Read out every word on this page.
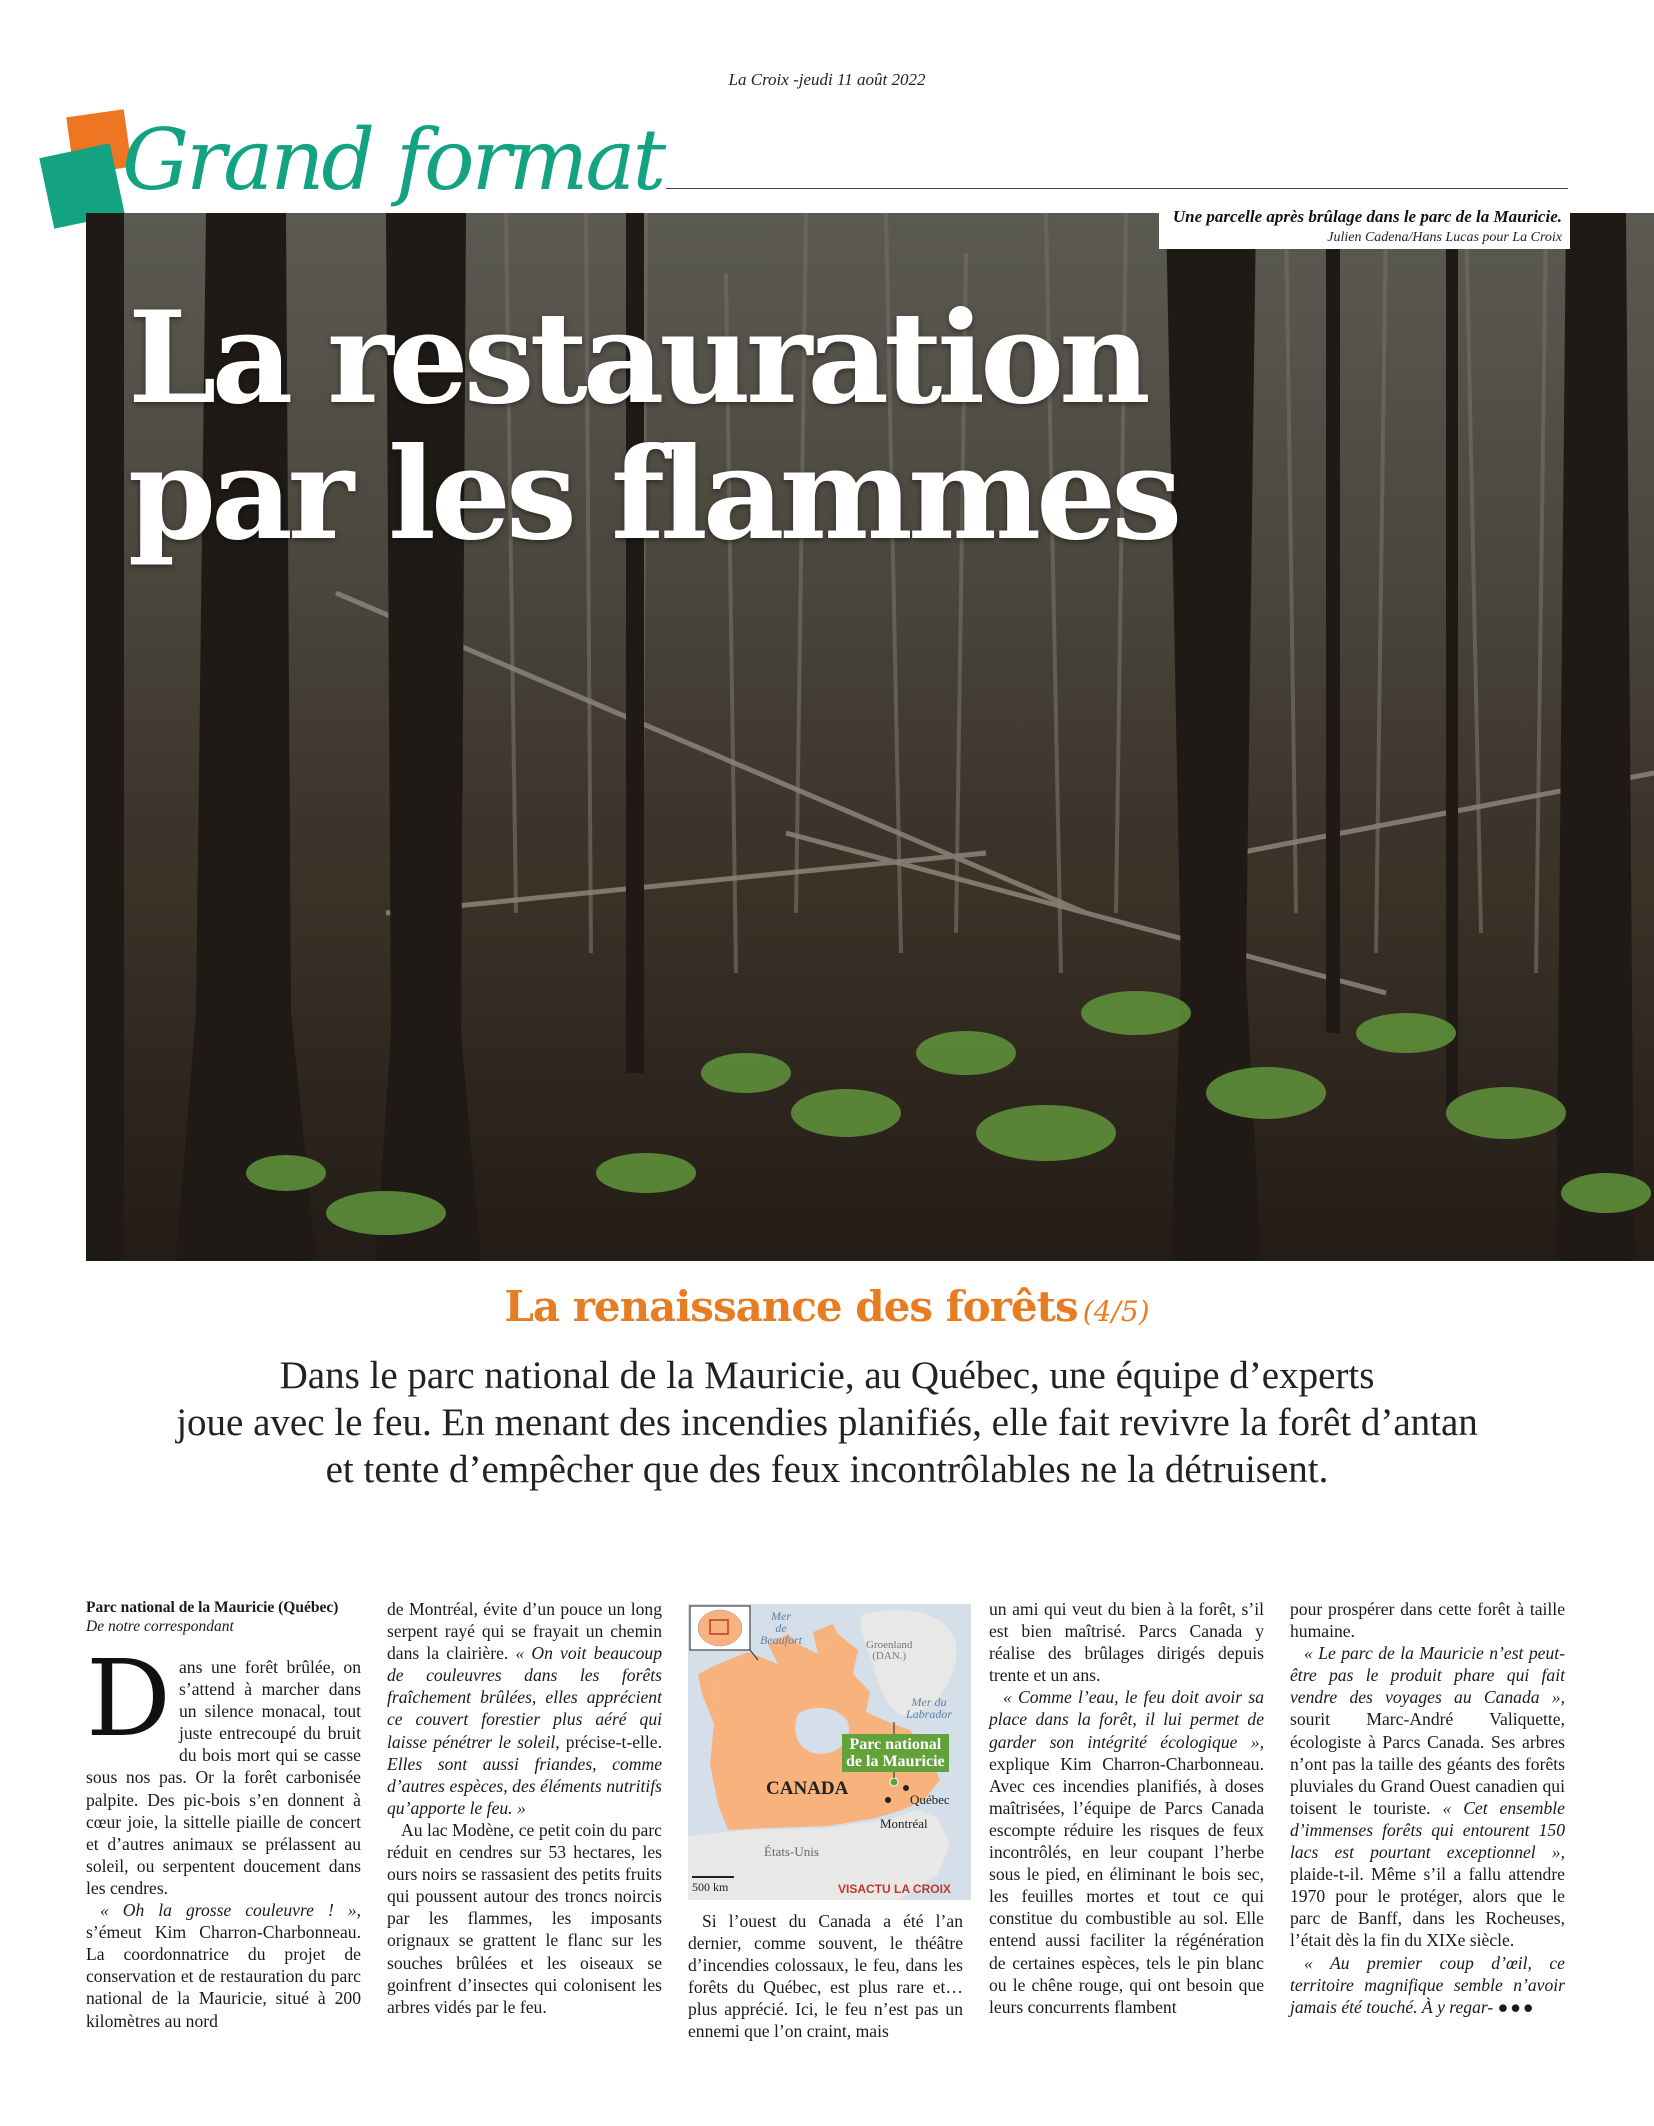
La Croix -jeudi 11 août 2022
Grand format
Une parcelle après brûlage dans le parc de la Mauricie.
Julien Cadena/Hans Lucas pour La Croix
La restauration
par les flammes
La renaissance des forêts (4/5)
Dans le parc national de la Mauricie, au Québec, une équipe d’experts
joue avec le feu. En menant des incendies planifiés, elle fait revivre la forêt d’antan
et tente d’empêcher que des feux incontrôlables ne la détruisent.
Parc national de la Mauricie (Québec)
De notre correspondant

Dans une forêt brûlée, on s’attend à marcher dans un silence monacal, tout juste entrecoupé du bruit du bois mort qui se casse sous nos pas. Or la forêt carbonisée palpite. Des pic-bois s’en donnent à cœur joie, la sittelle piaille de concert et d’autres animaux se prélassent au soleil, ou serpentent doucement dans les cendres.

« Oh la grosse couleuvre ! », s’émeut Kim Charron-Charbonneau. La coordonnatrice du projet de conservation et de restauration du parc national de la Mauricie, situé à 200 kilomètres au nord

de Montréal, évite d’un pouce un long serpent rayé qui se frayait un chemin dans la clairière. « On voit beaucoup de couleuvres dans les forêts fraîchement brûlées, elles apprécient ce couvert forestier plus aéré qui laisse pénétrer le soleil, précise-t-elle. Elles sont aussi friandes, comme d’autres espèces, des éléments nutritifs qu’apporte le feu. »

Au lac Modène, ce petit coin du parc réduit en cendres sur 53 hectares, les ours noirs se rassasient des petits fruits qui poussent autour des troncs noircis par les flammes, les imposants orignaux se grattent le flanc sur les souches brûlées et les oiseaux se goinfrent d’insectes qui colonisent les arbres vidés par le feu.

Mer
de
Beaufort	Groenland
(DAN.)
Mer du
Labrador
Parc national
de la Mauricie
CANADA
Québec
Montréal
États-Unis
500 km	VISACTU LA CROIX

Si l’ouest du Canada a été l’an dernier, comme souvent, le théâtre d’incendies colossaux, le feu, dans les forêts du Québec, est plus rare et… plus apprécié. Ici, le feu n’est pas un ennemi que l’on craint, mais

un ami qui veut du bien à la forêt, s’il est bien maîtrisé. Parcs Canada y réalise des brûlages dirigés depuis trente et un ans.

« Comme l’eau, le feu doit avoir sa place dans la forêt, il lui permet de garder son intégrité écologique », explique Kim Charron-Charbonneau. Avec ces incendies planifiés, à doses maîtrisées, l’équipe de Parcs Canada escompte réduire les risques de feux incontrôlés, en leur coupant l’herbe sous le pied, en éliminant le bois sec, les feuilles mortes et tout ce qui constitue du combustible au sol. Elle entend aussi faciliter la régénération de certaines espèces, tels le pin blanc ou le chêne rouge, qui ont besoin que leurs concurrents flambent

pour prospérer dans cette forêt à taille humaine.

« Le parc de la Mauricie n’est peut-être pas le produit phare qui fait vendre des voyages au Canada », sourit Marc-André Valiquette, écologiste à Parcs Canada. Ses arbres n’ont pas la taille des géants des forêts pluviales du Grand Ouest canadien qui toisent le touriste. « Cet ensemble d’immenses forêts qui entourent 150 lacs est pourtant exceptionnel », plaide-t-il. Même s’il a fallu attendre 1970 pour le protéger, alors que le parc de Banff, dans les Rocheuses, l’était dès la fin du XIXe siècle.

« Au premier coup d’œil, ce territoire magnifique semble n’avoir jamais été touché. À y regar- ●●●
